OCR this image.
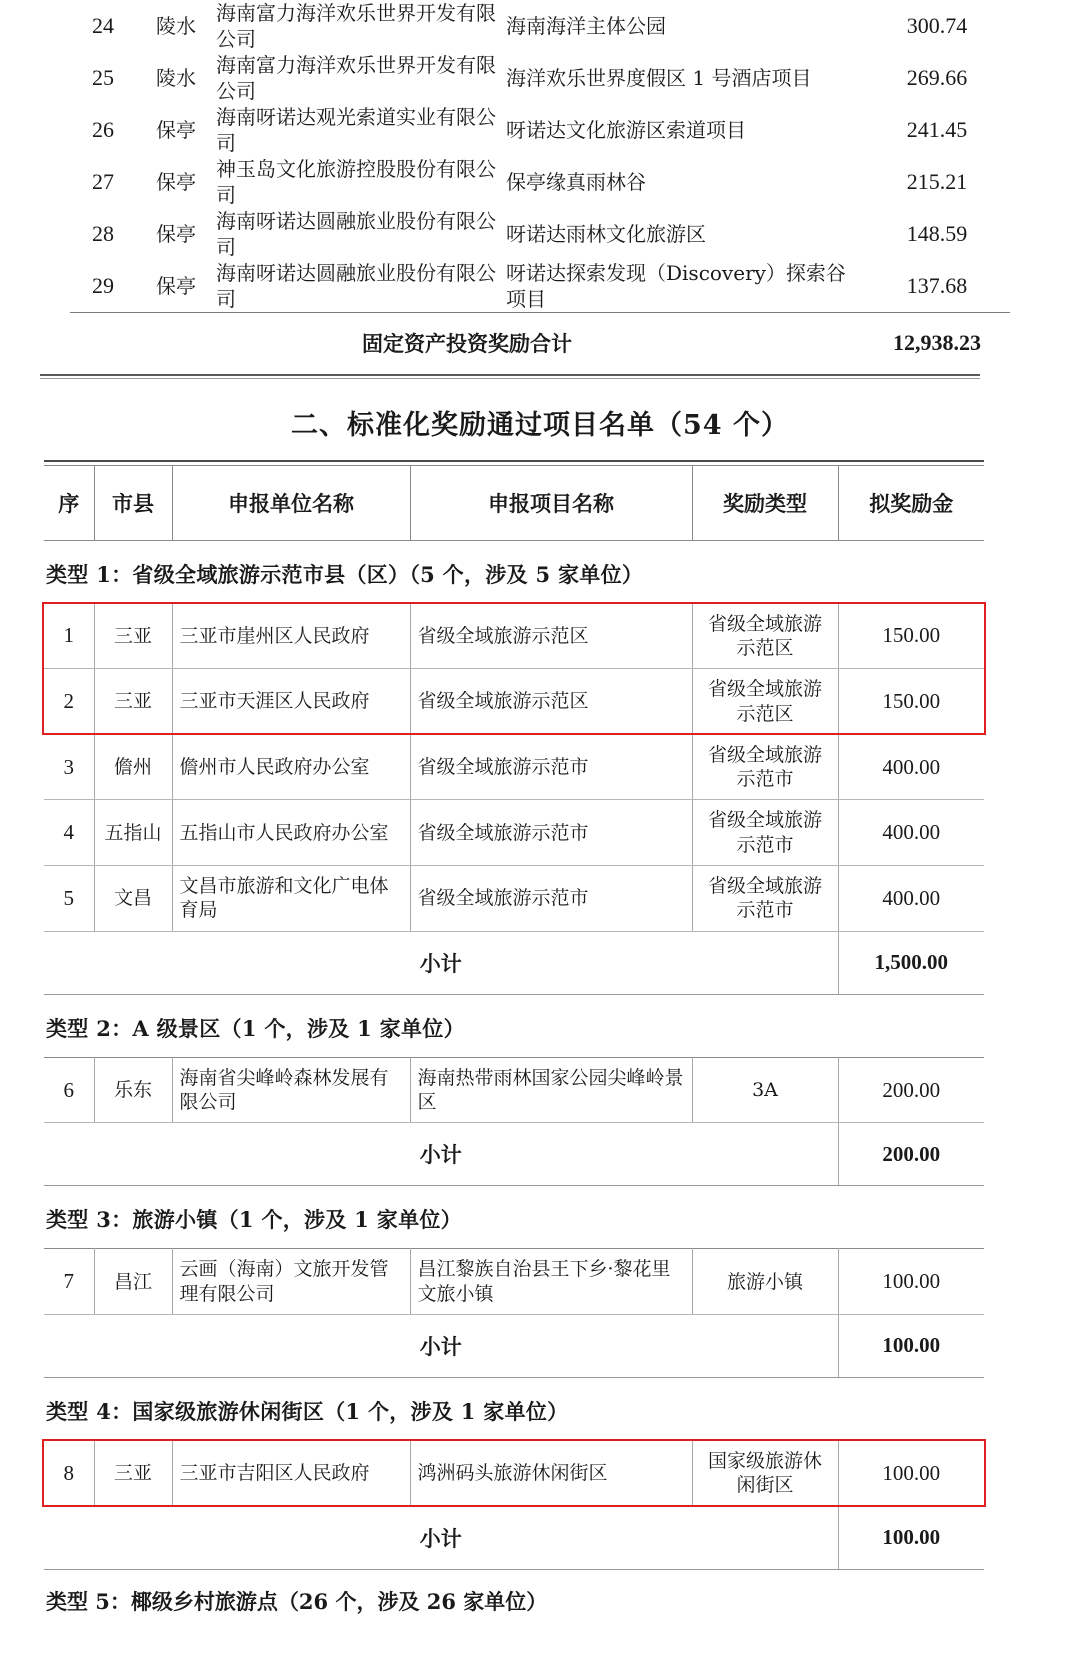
24	陵水	海南富力海洋欢乐世界开发有限公司	海南海洋主体公园	300.74
25	陵水	海南富力海洋欢乐世界开发有限公司	海洋欢乐世界度假区 1 号酒店项目	269.66
26	保亭	海南呀诺达观光索道实业有限公司	呀诺达文化旅游区索道项目	241.45
27	保亭	神玉岛文化旅游控股股份有限公司	保亭缘真雨林谷	215.21
28	保亭	海南呀诺达圆融旅业股份有限公司	呀诺达雨林文化旅游区	148.59
29	保亭	海南呀诺达圆融旅业股份有限公司	呀诺达探索发现（Discovery）探索谷项目	137.68
固定资产投资奖励合计				12,938.23
二、标准化奖励通过项目名单（54 个）

序	市县	申报单位名称	申报项目名称	奖励类型	拟奖励金
类型 1：省级全域旅游示范市县（区）（5 个，涉及 5 家单位）					
1	三亚	三亚市崖州区人民政府	省级全域旅游示范区	省级全域旅游示范区	150.00
2	三亚	三亚市天涯区人民政府	省级全域旅游示范区	省级全域旅游示范区	150.00
3	儋州	儋州市人民政府办公室	省级全域旅游示范市	省级全域旅游示范市	400.00
4	五指山	五指山市人民政府办公室	省级全域旅游示范市	省级全域旅游示范市	400.00
5	文昌	文昌市旅游和文化广电体育局	省级全域旅游示范市	省级全域旅游示范市	400.00
小计					1,500.00
类型 2：A 级景区（1 个，涉及 1 家单位）					
6	乐东	海南省尖峰岭森林发展有限公司	海南热带雨林国家公园尖峰岭景区	3A	200.00
小计					200.00
类型 3：旅游小镇（1 个，涉及 1 家单位）					
7	昌江	云画（海南）文旅开发管理有限公司	昌江黎族自治县王下乡·黎花里文旅小镇	旅游小镇	100.00
小计					100.00
类型 4：国家级旅游休闲街区（1 个，涉及 1 家单位）					
8	三亚	三亚市吉阳区人民政府	鸿洲码头旅游休闲街区	国家级旅游休闲街区	100.00
小计					100.00
类型 5：椰级乡村旅游点（26 个，涉及 26 家单位）
